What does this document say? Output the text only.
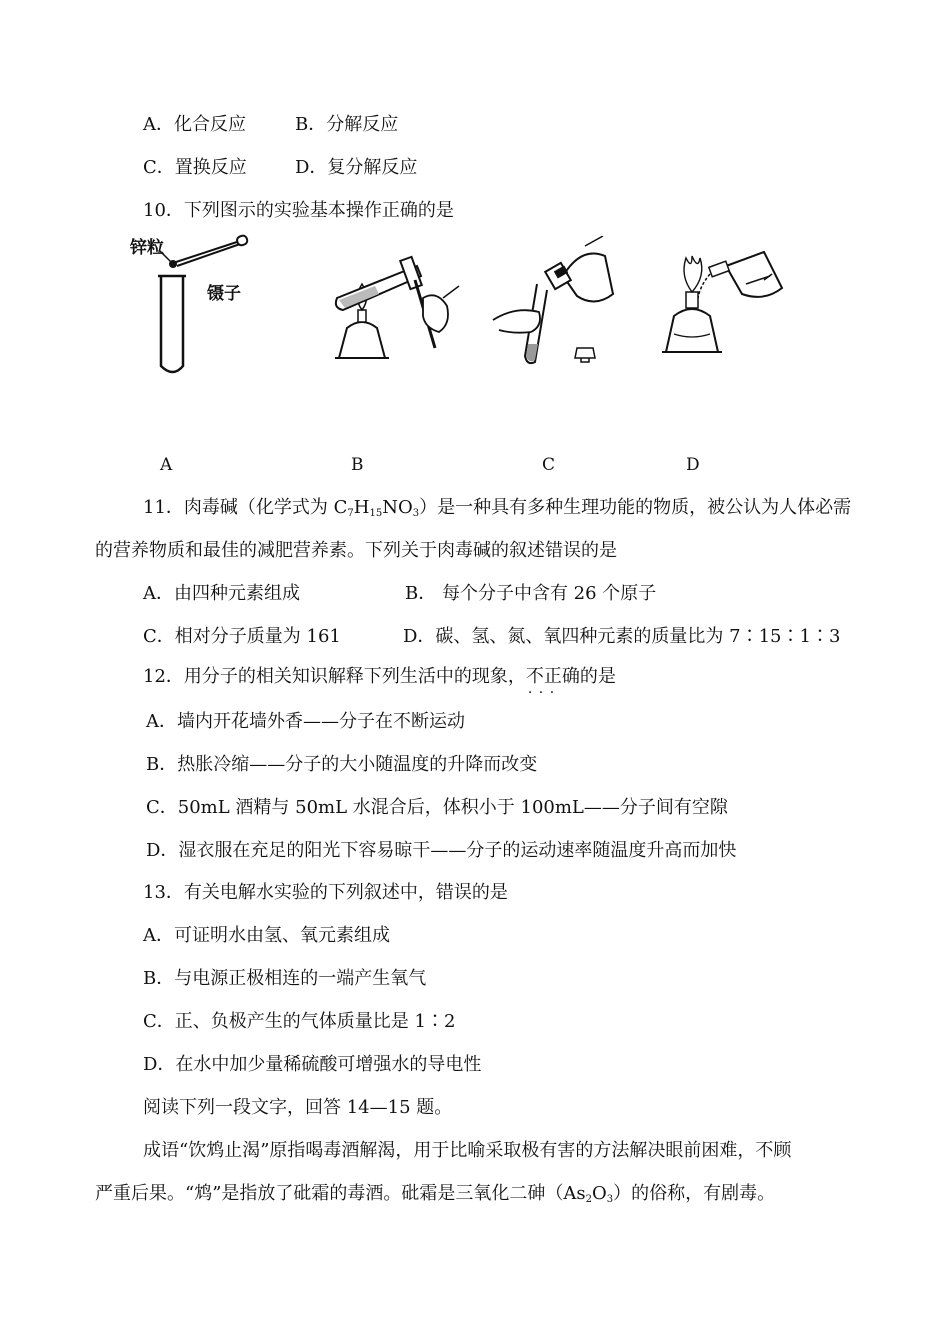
A．化合反应	B．分解反应
C．置换反应	D．复分解反应
10．下列图示的实验基本操作正确的是
锌粒
镊子
A	B	C	D
11．肉毒碱（化学式为 $C_7H_{15}NO_3$）是一种具有多种生理功能的物质，被公认为人体必需
的营养物质和最佳的减肥营养素。下列关于肉毒碱的叙述错误的是
A．由四种元素组成	B． 每个分子中含有 26 个原子
C．相对分子质量为 161	D．碳、氢、氮、氧四种元素的质量比为 7∶15∶1∶3
12．用分子的相关知识解释下列生活中的现象，不正确 · · ·的是
A．墙内开花墙外香——分子在不断运动
B．热胀冷缩——分子的大小随温度的升降而改变
C．50mL 酒精与 50mL 水混合后，体积小于 100mL——分子间有空隙
D．湿衣服在充足的阳光下容易晾干——分子的运动速率随温度升高而加快
13．有关电解水实验的下列叙述中，错误的是
A．可证明水由氢、氧元素组成
B．与电源正极相连的一端产生氧气
C．正、负极产生的气体质量比是 1∶2
D．在水中加少量稀硫酸可增强水的导电性
阅读下列一段文字，回答 14—15 题。
成语“饮鸩止渴”原指喝毒酒解渴，用于比喻采取极有害的方法解决眼前困难，不顾
严重后果。“鸩”是指放了砒霜的毒酒。砒霜是三氧化二砷$(As_2O_3)$的俗称，有剧毒。
